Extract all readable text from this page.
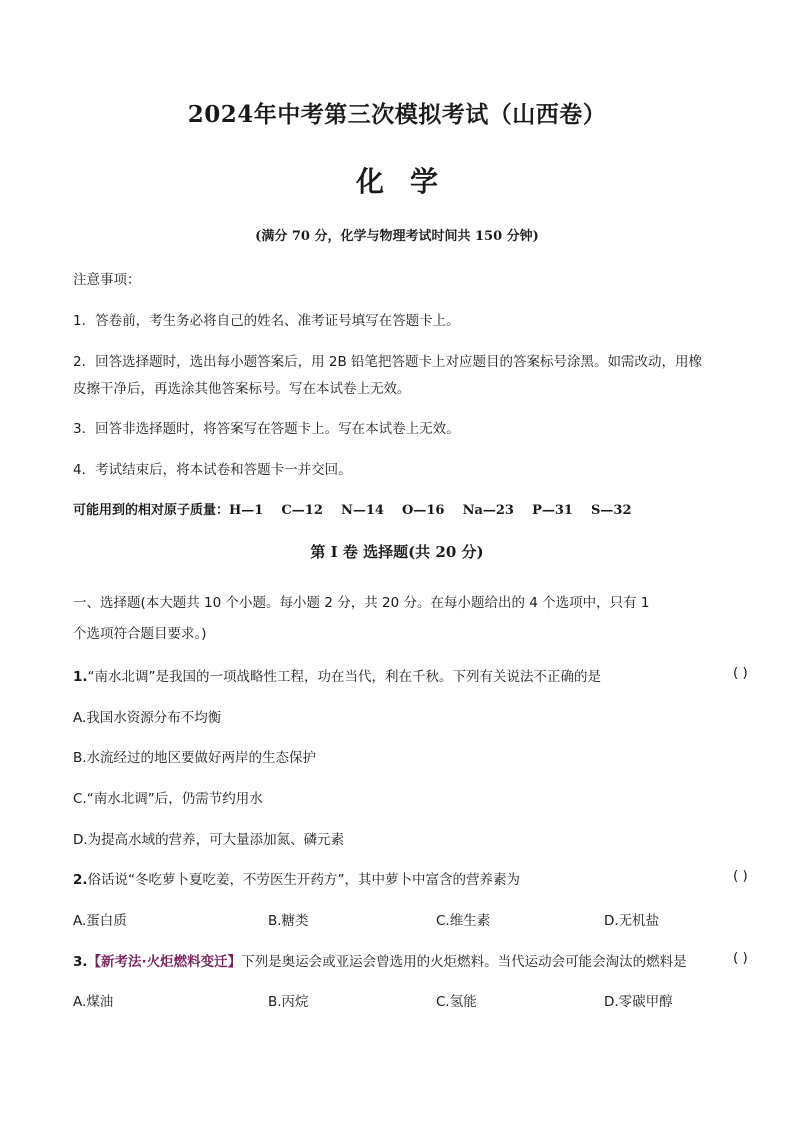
2024年中考第三次模拟考试（山西卷）
化学
(满分 70 分，化学与物理考试时间共 150 分钟)
注意事项：
1．答卷前，考生务必将自己的姓名、准考证号填写在答题卡上。
2．回答选择题时，选出每小题答案后，用 2B 铅笔把答题卡上对应题目的答案标号涂黑。如需改动，用橡
皮擦干净后，再选涂其他答案标号。写在本试卷上无效。
3．回答非选择题时，将答案写在答题卡上。写在本试卷上无效。
4．考试结束后，将本试卷和答题卡一并交回。
可能用到的相对原子质量：H—1    C—12    N—14    O—16    Na—23    P—31    S—32
第 I 卷 选择题(共 20 分)
一、选择题(本大题共 10 个小题。每小题 2 分，共 20 分。在每小题给出的 4 个选项中，只有 1
个选项符合题目要求。)
1.“南水北调”是我国的一项战略性工程，功在当代，利在千秋。下列有关说法不正确的是	( )
A.我国水资源分布不均衡
B.水流经过的地区要做好两岸的生态保护
C.“南水北调”后，仍需节约用水
D.为提高水域的营养，可大量添加氮、磷元素
2.俗话说“冬吃萝卜夏吃姜，不劳医生开药方”，其中萝卜中富含的营养素为	( )
A.蛋白质	B.糖类	C.维生素	D.无机盐
3.【新考法·火炬燃料变迁】下列是奥运会或亚运会曾选用的火炬燃料。当代运动会可能会淘汰的燃料是	( )
A.煤油	B.丙烷	C.氢能	D.零碳甲醇
